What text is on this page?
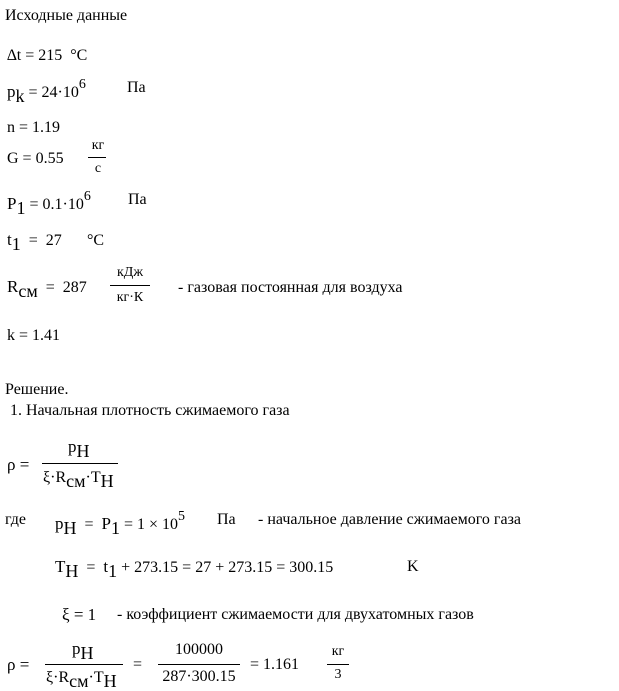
Исходные данные
∆t = 215 °C
pk = 24·106	Па
n = 1.19
G = 0.55
кг
с
P1 = 0.1·106 Па
t1 = 27 °C
Rсм = 287
кДж
кг·К
- газовая постоянная для воздуха
k = 1.41
Решение.
1. Начальная плотность сжимаемого газа
ρ =
pH
ξ·Rсм·TH
где pH = P1 = 1 × 105 Па - начальное давление сжимаемого газа
TH = t1 + 273.15 = 27 + 273.15 = 300.15	K
ξ = 1 - коэффициент сжимаемости для двухатомных газов
ρ =
pH
ξ·Rсм·TH
=
100000
287·300.15
= 1.161
кг
3
